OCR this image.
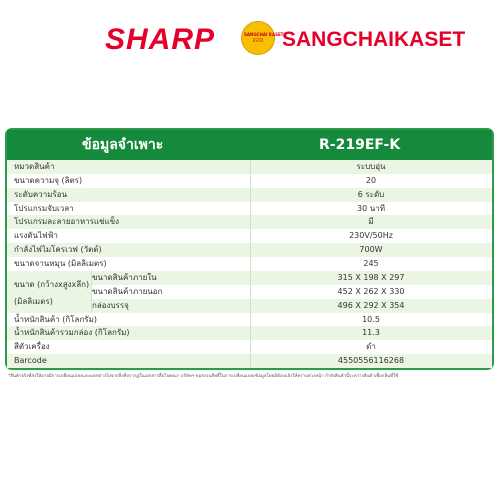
SHARP	SANGCHAI KASET
ESTD SANGCHAIKASET
ข้อมูลจำเพาะ	R-219EF-K
หมวดสินค้า	ระบบอุ่น
ขนาดความจุ (ลิตร)	20
ระดับความร้อน	6 ระดับ
โปรแกรมจับเวลา	30 นาที
โปรแกรมละลายอาหารแช่แข็ง	มี
แรงดันไฟฟ้า	230V/50Hz
กำลังไฟไมโครเวฟ (วัตต์)	700W
ขนาดจานหมุน (มิลลิเมตร)	245
ขนาดสินค้าภายใน	315 X 198 X 297
ขนาดสินค้าภายนอก	452 X 262 X 330
กล่องบรรจุ	496 X 292 X 354
ขนาด (กว้างxสูงxลึก)
(มิลลิเมตร)
น้ำหนักสินค้า (กิโลกรัม)	10.5
น้ำหนักสินค้ารวมกล่อง (กิโลกรัม)	11.3
สีตัวเครื่อง	ดำ
Barcode	4550556116268
*สินค้าจริงที่ส่งให้อาจมีการเปลี่ยนแปลงและแตกต่างไปจากสิ่งที่ปรากฏในเอกสารสื่อโฆษณา บริษัทฯ ขอสงวนสิทธิ์ในการเปลี่ยนแปลงข้อมูลโดยมิต้องแจ้งให้ทราบล่วงหน้า กำลังสินค้านี้ระหว่างสินค้าเพื่อกลิ่นที่ใช้
